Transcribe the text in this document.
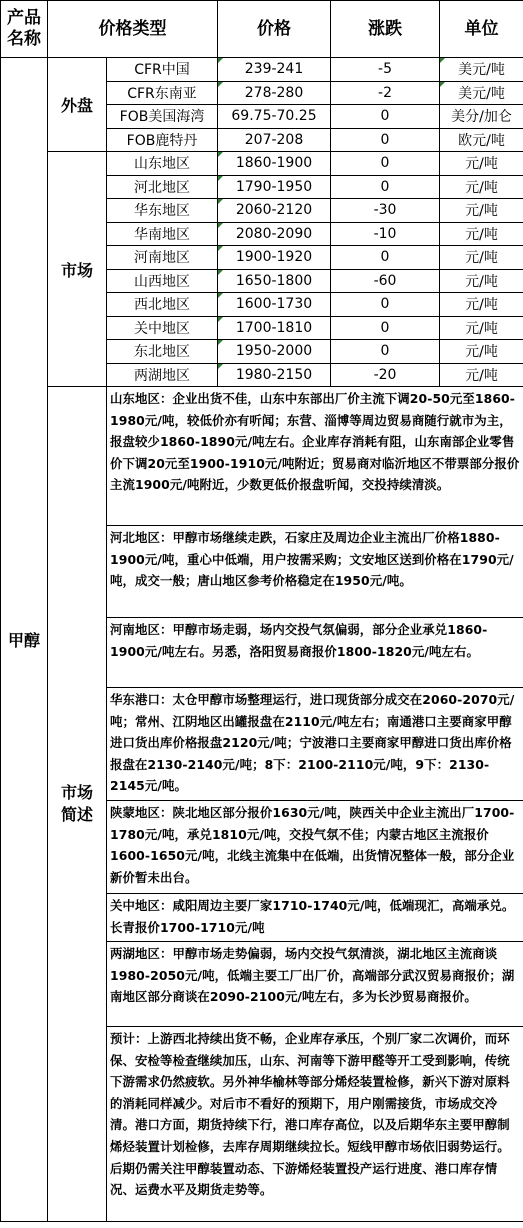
产品名称	价格类型		价格	涨跌	单位
甲醇	外盘	CFR中国	239-241	-5	美元/吨
		CFR东南亚	278-280	-2	美元/吨
		FOB美国海湾	69.75-70.25	0	美分/加仑
		FOB鹿特丹	207-208	0	欧元/吨
	市场	山东地区	1860-1900	0	元/吨
		河北地区	1790-1950	0	元/吨
		华东地区	2060-2120	-30	元/吨
		华南地区	2080-2090	-10	元/吨
		河南地区	1900-1920	0	元/吨
		山西地区	1650-1800	-60	元/吨
		西北地区	1600-1730	0	元/吨
		关中地区	1700-1810	0	元/吨
		东北地区	1950-2000	0	元/吨
		两湖地区	1980-2150	-20	元/吨
	市场简述	山东地区：企业出货不佳，山东中东部出厂价主流下调20-50元至1860-1980元/吨，较低价亦有听闻；东营、淄博等周边贸易商随行就市为主，报盘较少1860-1890元/吨左右。企业库存消耗有阻，山东南部企业零售价下调20元至1900-1910元/吨附近；贸易商对临沂地区不带票部分报价主流1900元/吨附近，少数更低价报盘听闻，交投持续清淡。			
		河北地区：甲醇市场继续走跌，石家庄及周边企业主流出厂价格1880-1900元/吨，重心中低端，用户按需采购；文安地区送到价格在1790元/吨，成交一般；唐山地区参考价格稳定在1950元/吨。			
		河南地区：甲醇市场走弱，场内交投气氛偏弱，部分企业承兑1860-1900元/吨左右。另悉，洛阳贸易商报价1800-1820元/吨左右。			
		华东港口：太仓甲醇市场整理运行，进口现货部分成交在2060-2070元/吨；常州、江阴地区出罐报盘在2110元/吨左右；南通港口主要商家甲醇进口货出库价格报盘2120元/吨；宁波港口主要商家甲醇进口货出库价格报盘在2130-2140元/吨；8下：2100-2110元/吨，9下：2130-2145元/吨。			
		陕蒙地区：陕北地区部分报价1630元/吨，陕西关中企业主流出厂1700-1780元/吨，承兑1810元/吨，交投气氛不佳；内蒙古地区主流报价1600-1650元/吨，北线主流集中在低端，出货情况整体一般，部分企业新价暂未出台。			
		关中地区：咸阳周边主要厂家1710-1740元/吨，低端现汇，高端承兑。长青报价1700-1710元/吨			
		两湖地区：甲醇市场走势偏弱，场内交投气氛清淡，湖北地区主流商谈1980-2050元/吨，低端主要工厂出厂价，高端部分武汉贸易商报价；湖南地区部分商谈在2090-2100元/吨左右，多为长沙贸易商报价。			
		预计：上游西北持续出货不畅，企业库存承压，个别厂家二次调价，而环保、安检等检查继续加压，山东、河南等下游甲醛等开工受到影响，传统下游需求仍然疲软。另外神华榆林等部分烯烃装置检修，新兴下游对原料的消耗同样减少。对后市不看好的预期下，用户刚需接货，市场成交冷清。港口方面，期货持续下行，港口库存高位，以及后期华东主要甲醇制烯烃装置计划检修，去库存周期继续拉长。短线甲醇市场依旧弱势运行。后期仍需关注甲醇装置动态、下游烯烃装置投产运行进度、港口库存情况、运费水平及期货走势等。			
